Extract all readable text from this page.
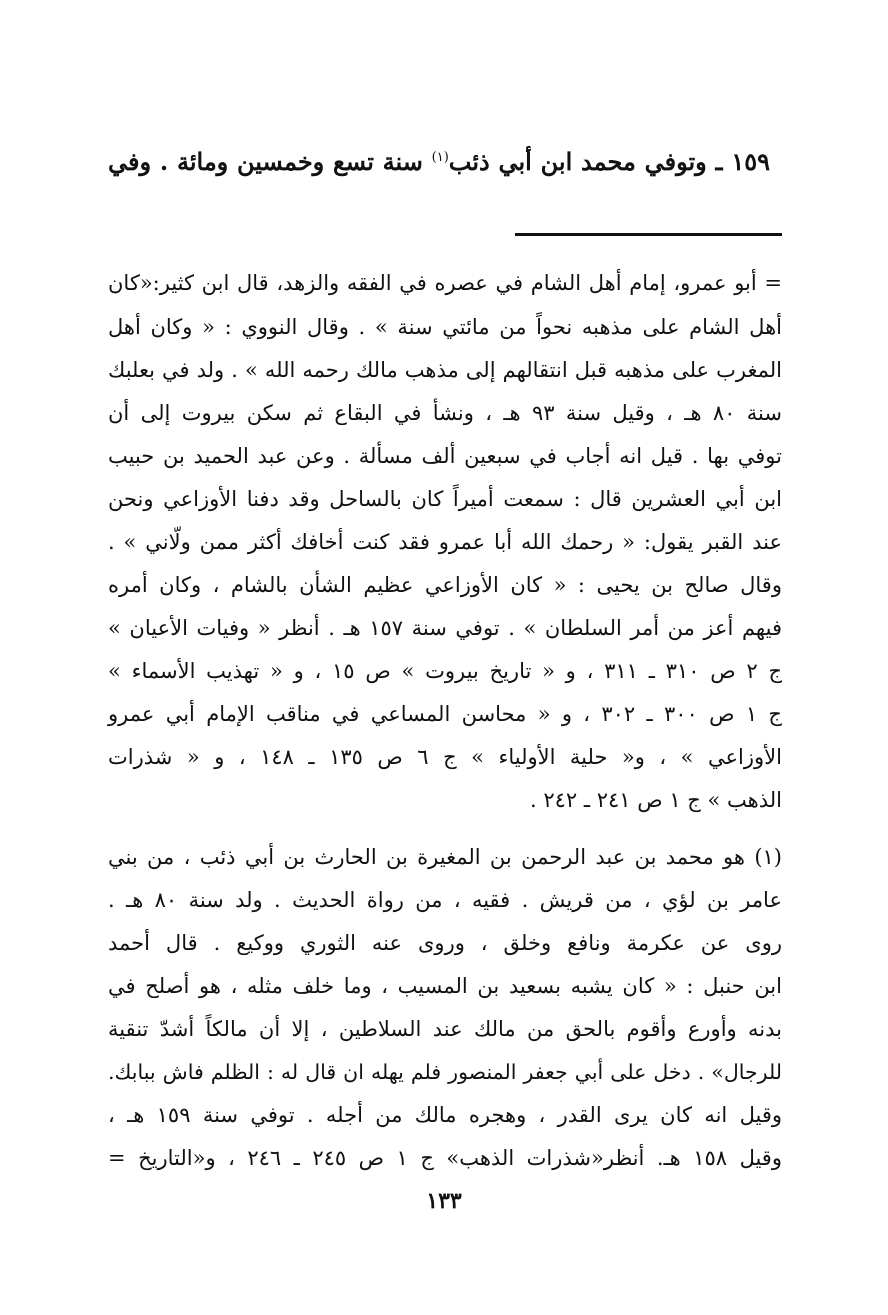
١٥٩ ـ وتوفي محمد ابن أبي ذئب$^{(١)}$ سنة تسع وخمسين ومائة . وفي
= أبو عمرو، إمام أهل الشام في عصره في الفقه والزهد، قال ابن كثير:«كان
أهل الشام على مذهبه نحواً من مائتي سنة » . وقال النووي : « وكان أهل
المغرب على مذهبه قبل انتقالهم إلى مذهب مالك رحمه الله » . ولد في بعلبك
سنة ٨٠ هـ ، وقيل سنة ٩٣ هـ ، ونشأ في البقاع ثم سكن بيروت إلى أن
توفي بها . قيل انه أجاب في سبعين ألف مسألة . وعن عبد الحميد بن حبيب
ابن أبي العشرين قال : سمعت أميراً كان بالساحل وقد دفنا الأوزاعي ونحن
عند القبر يقول: « رحمك الله أبا عمرو فقد كنت أخافك أكثر ممن ولّاني » .
وقال صالح بن يحيى : « كان الأوزاعي عظيم الشأن بالشام ، وكان أمره
فيهم أعز من أمر السلطان » . توفي سنة ١٥٧ هـ . أنظر « وفيات الأعيان »
ج ٢ ص ٣١٠ ـ ٣١١ ، و « تاريخ بيروت » ص ١٥ ، و « تهذيب الأسماء »
ج ١ ص ٣٠٠ ـ ٣٠٢ ، و « محاسن المساعي في مناقب الإمام أبي عمرو
الأوزاعي » ، و« حلية الأولياء » ج ٦ ص ١٣٥ ـ ١٤٨ ، و « شذرات
الذهب » ج ١ ص ٢٤١ ـ ٢٤٢ .
(١) هو محمد بن عبد الرحمن بن المغيرة بن الحارث بن أبي ذئب ، من بني
عامر بن لؤي ، من قريش . فقيه ، من رواة الحديث . ولد سنة ٨٠ هـ .
روى عن عكرمة ونافع وخلق ، وروى عنه الثوري ووكيع . قال أحمد
ابن حنبل : « كان يشبه بسعيد بن المسيب ، وما خلف مثله ، هو أصلح في
بدنه وأورع وأقوم بالحق من مالك عند السلاطين ، إلا أن مالكاً أشدّ تنقية
للرجال» . دخل على أبي جعفر المنصور فلم يهله ان قال له : الظلم فاش ببابك.
وقيل انه كان يرى القدر ، وهجره مالك من أجله . توفي سنة ١٥٩ هـ ،
وقيل ١٥٨ هـ. أنظر«شذرات الذهب» ج ١ ص ٢٤٥ ـ ٢٤٦ ، و«التاريخ =
١٣٣
